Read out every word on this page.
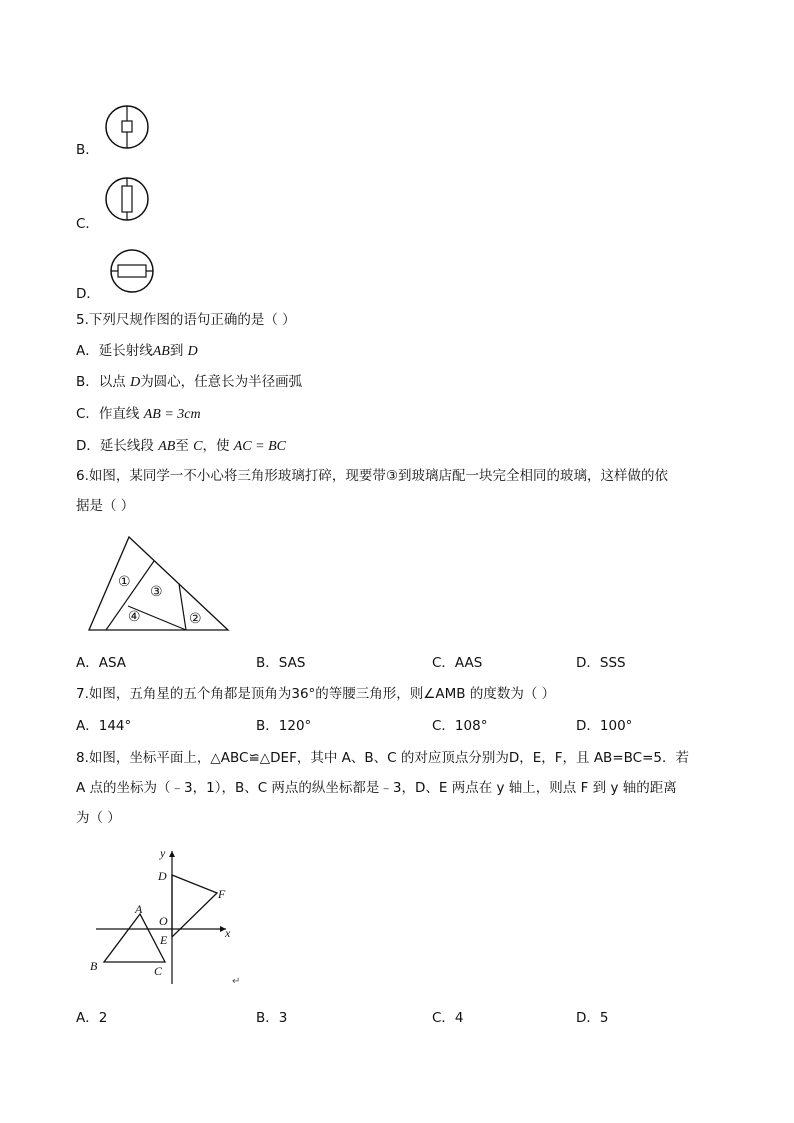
B．
C．
D．
5.下列尺规作图的语句正确的是（ ）
A．延长射线AB到 D
B．以点 D为圆心，任意长为半径画弧
C．作直线 AB = 3cm
D．延长线段 AB至 C，使 AC = BC
6.如图，某同学一不小心将三角形玻璃打碎，现要带③到玻璃店配一块完全相同的玻璃，这样做的依
据是（ ）
①
③
④	②
A．ASA	B．SAS	C．AAS	D．SSS
7.如图，五角星的五个角都是顶角为36°的等腰三角形，则∠AMB 的度数为（ ）
A．144°	B．120°	C．108°	D．100°
8.如图，坐标平面上，△ABC≌△DEF，其中 A、B、C 的对应顶点分别为D，E，F，且 AB=BC=5．若
A 点的坐标为（﹣3，1），B、C 两点的纵坐标都是﹣3，D、E 两点在 y 轴上，则点 F 到 y 轴的距离
为（ ）
y
x
D
F
A
O
E
B	C
↵
A．2	B．3	C．4	D．5
